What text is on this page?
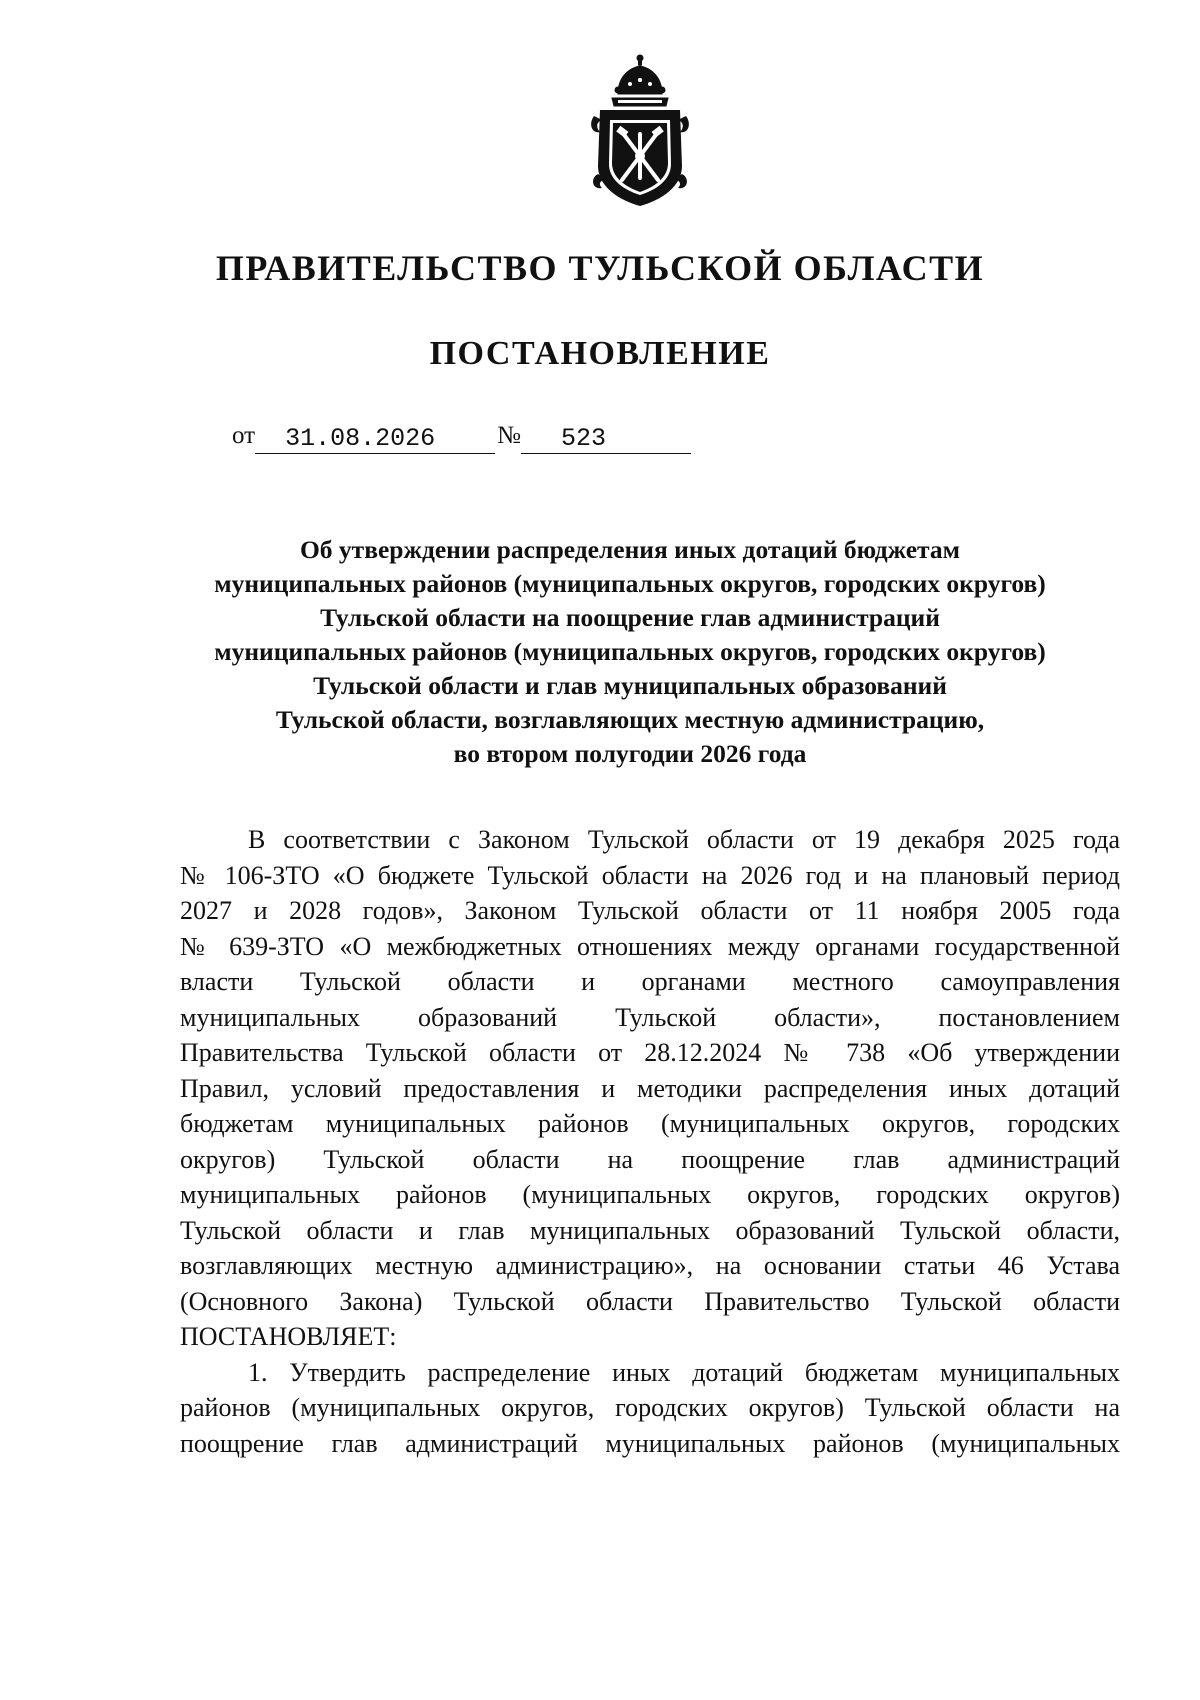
ПРАВИТЕЛЬСТВО ТУЛЬСКОЙ ОБЛАСТИ
ПОСТАНОВЛЕНИЕ
от 31.08.2026 № 523
Об утверждении распределения иных дотаций бюджетам
муниципальных районов (муниципальных округов, городских округов)
Тульской области на поощрение глав администраций
муниципальных районов (муниципальных округов, городских округов)
Тульской области и глав муниципальных образований
Тульской области, возглавляющих местную администрацию,
во втором полугодии 2026 года
В соответствии с Законом Тульской области от 19 декабря 2025 года
№ 106-ЗТО «О бюджете Тульской области на 2026 год и на плановый период
2027 и 2028 годов», Законом Тульской области от 11 ноября 2005 года
№ 639-ЗТО «О межбюджетных отношениях между органами государственной
власти Тульской области и органами местного самоуправления
муниципальных образований Тульской области», постановлением
Правительства Тульской области от 28.12.2024 № 738 «Об утверждении
Правил, условий предоставления и методики распределения иных дотаций
бюджетам муниципальных районов (муниципальных округов, городских
округов) Тульской области на поощрение глав администраций
муниципальных районов (муниципальных округов, городских округов)
Тульской области и глав муниципальных образований Тульской области,
возглавляющих местную администрацию», на основании статьи 46 Устава
(Основного Закона) Тульской области Правительство Тульской области
ПОСТАНОВЛЯЕТ:
1. Утвердить распределение иных дотаций бюджетам муниципальных
районов (муниципальных округов, городских округов) Тульской области на
поощрение глав администраций муниципальных районов (муниципальных
